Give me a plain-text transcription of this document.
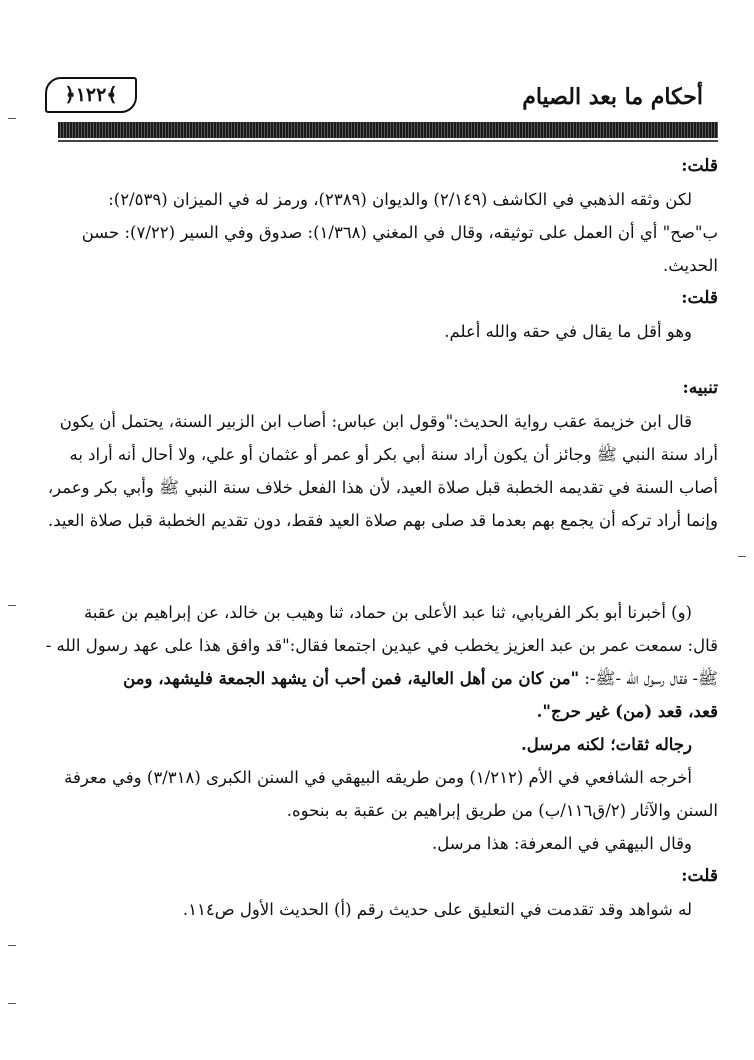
﴿١٢٢﴾	أحكام ما بعد الصيام

قلت:

لكن وثقه الذهبي في الكاشف (٢/١٤٩) والديوان (٢٣٨٩)، ورمز له في الميزان (٢/٥٣٩):

ب"صح" أي أن العمل على توثيقه، وقال في المغني (١/٣٦٨): صدوق وفي السير (٧/٢٢): حسن

الحديث.

قلت:

وهو أقل ما يقال في حقه والله أعلم.

تنبيه:

قال ابن خزيمة عقب رواية الحديث:"وقول ابن عباس: أصاب ابن الزبير السنة، يحتمل أن يكون

أراد سنة النبي ﷺ وجائز أن يكون أراد سنة أبي بكر أو عمر أو عثمان أو علي، ولا أحال أنه أراد به

أصاب السنة في تقديمه الخطبة قبل صلاة العيد، لأن هذا الفعل خلاف سنة النبي ﷺ وأبي بكر وعمر،

وإنما أراد تركه أن يجمع بهم بعدما قد صلى بهم صلاة العيد فقط، دون تقديم الخطبة قبل صلاة العيد.

(و) أخبرنا أبو بكر الفريابي، ثنا عبد الأعلى بن حماد، ثنا وهيب بن خالد، عن إبراهيم بن عقبة

قال: سمعت عمر بن عبد العزيز يخطب في عيدين اجتمعا فقال:"قد وافق هذا على عهد رسول الله -

ﷺ- فقال رسول الله -ﷺ-: "من كان من أهل العالية، فمن أحب أن يشهد الجمعة فليشهد، ومن

قعد، قعد (من) غير حرج".

رجاله ثقات؛ لكنه مرسل.

أخرجه الشافعي في الأم (١/٢١٢) ومن طريقه البيهقي في السنن الكبرى (٣/٣١٨) وفي معرفة

السنن والآثار (٢/ق١١٦/ب) من طريق إبراهيم بن عقبة به بنحوه.

وقال البيهقي في المعرفة: هذا مرسل.

قلت:

له شواهد وقد تقدمت في التعليق على حديث رقم (أ) الحديث الأول ص١١٤.
